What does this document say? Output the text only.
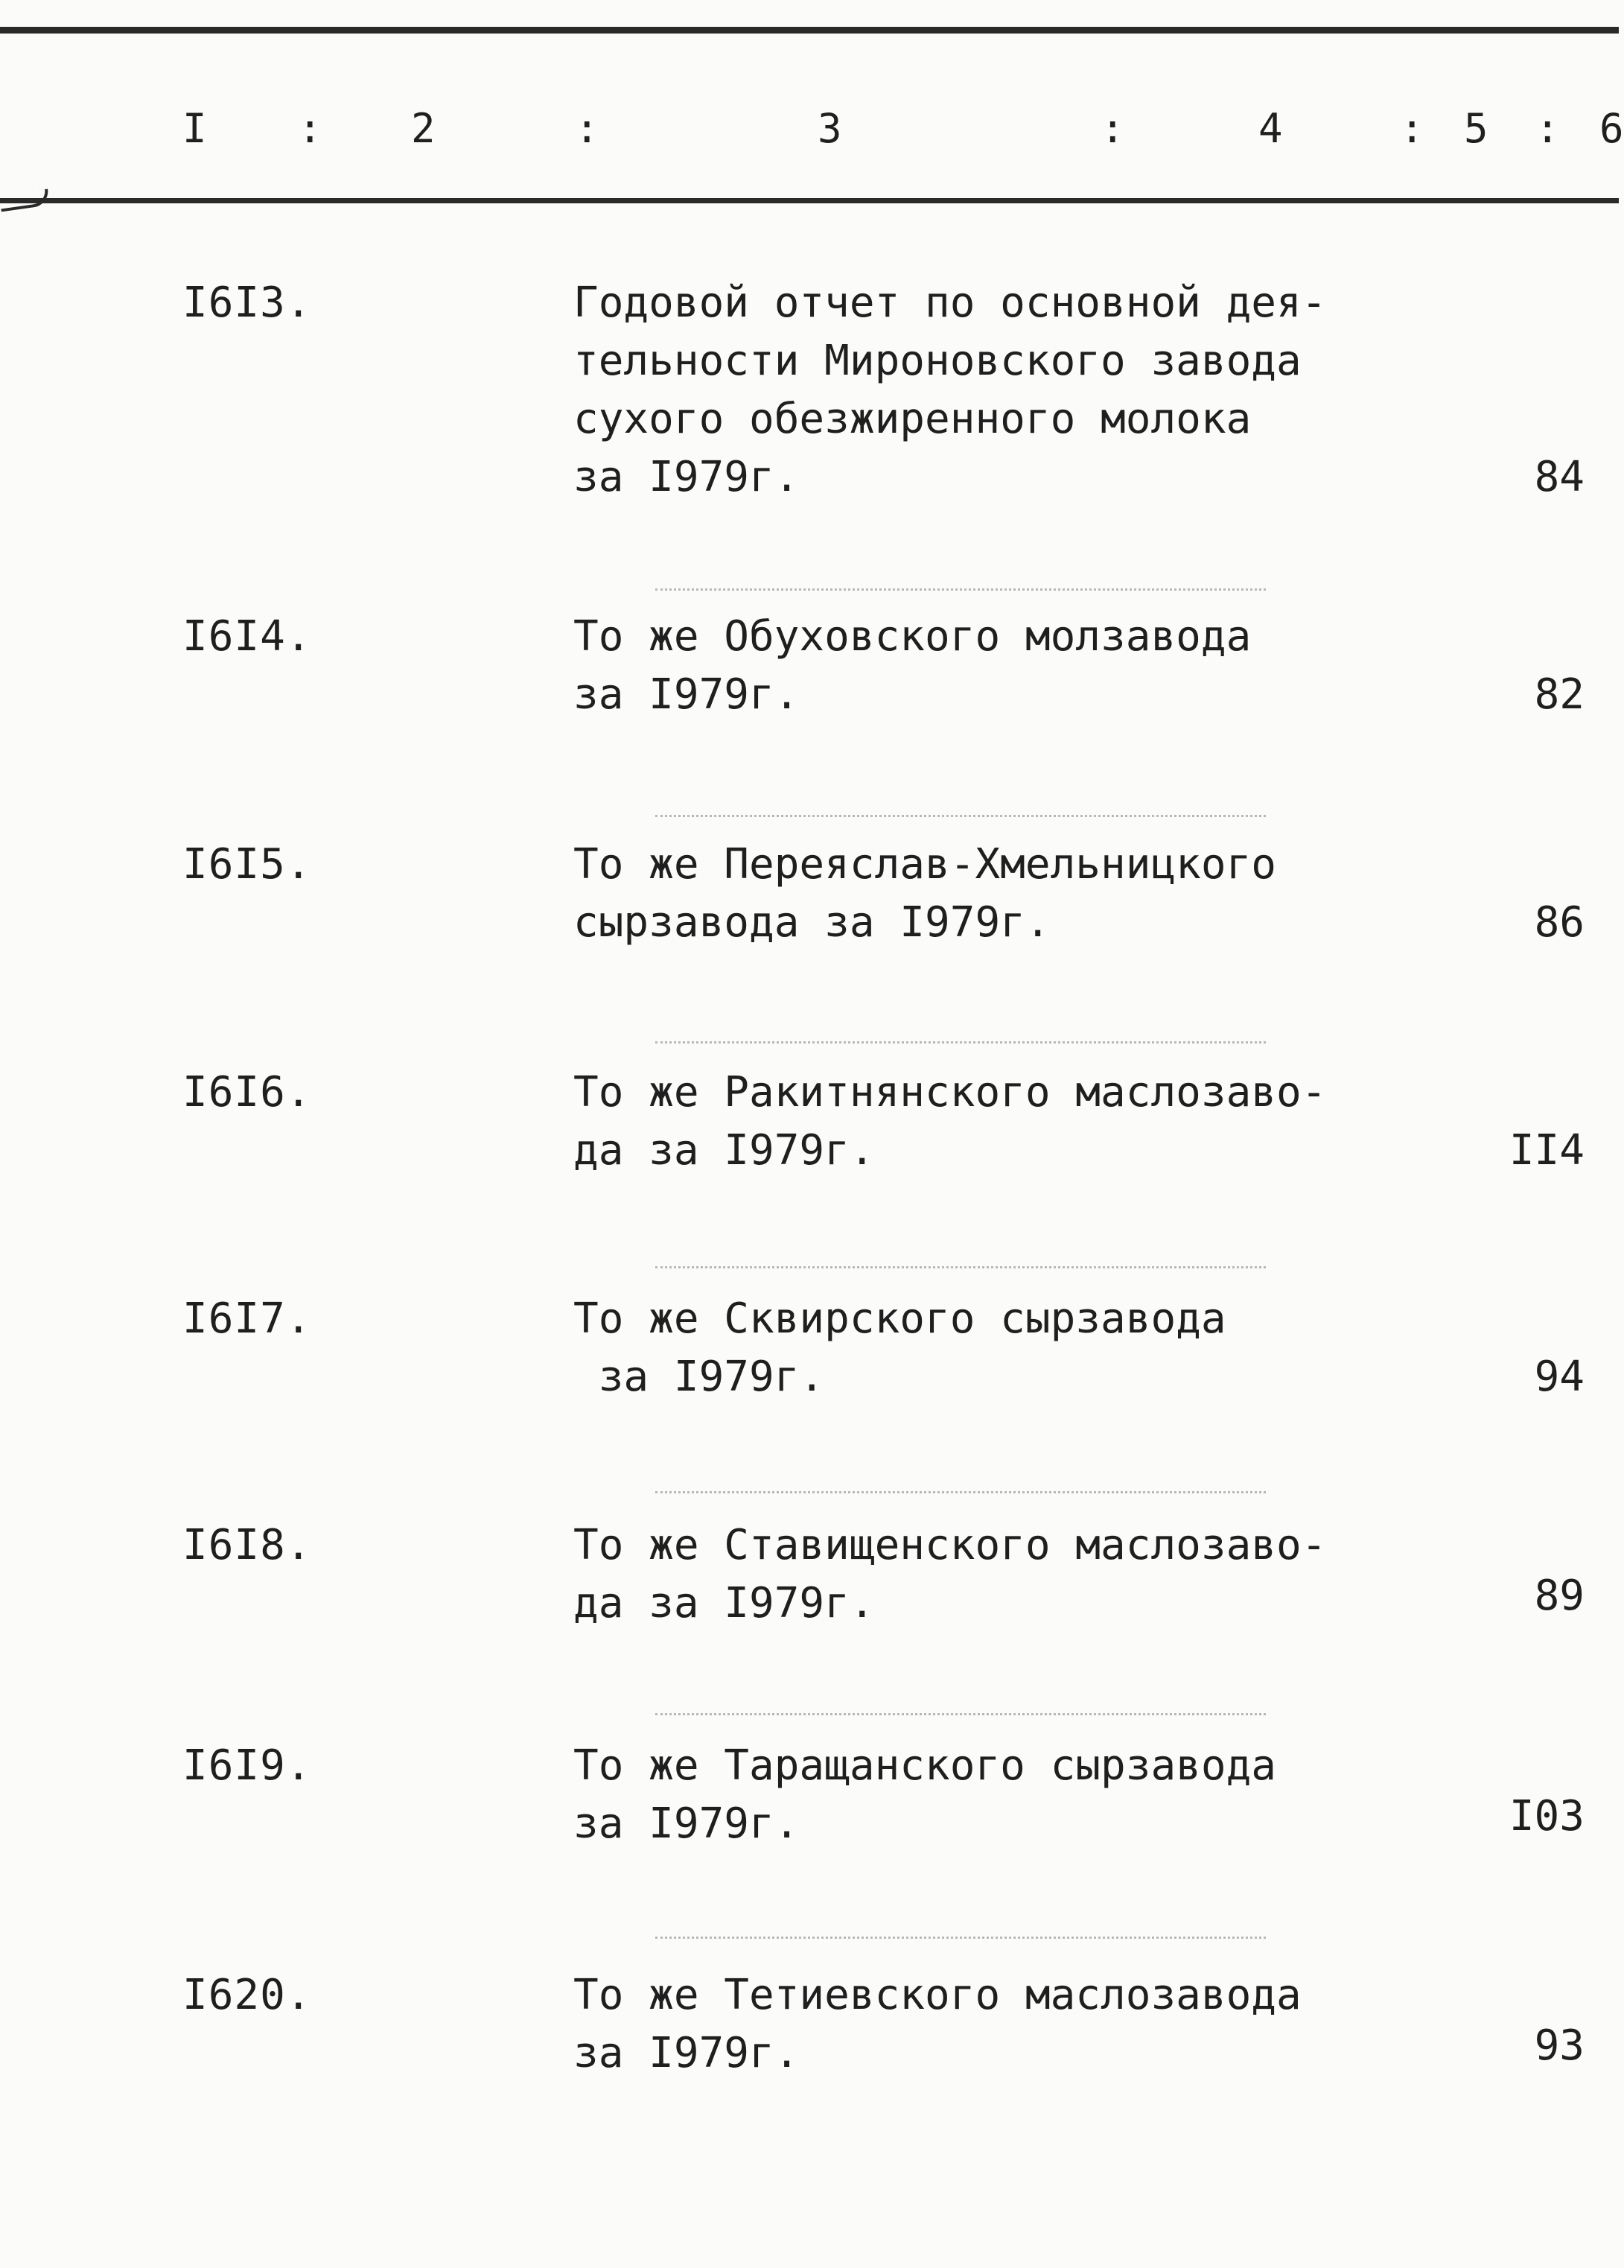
I : 2	:	3	:	4	: 5 : 6
I6I3.	Годовой отчет по основной дея-
тельности Мироновского завода
сухого обезжиренного молока
за I979г.	84
I6I4.	То же Обуховского молзавода
за I979г.	82
I6I5.	То же Переяслав-Хмельницкого
сырзавода за I979г.	86
I6I6.	То же Ракитнянского маслозаво-
да за I979г.	II4
I6I7.	То же Сквирского сырзавода
за I979г.	94
I6I8.	То же Ставищенского маслозаво-
да за I979г.	89
I6I9.	То же Таращанского сырзавода
за I979г.	I03
I620.	То же Тетиевского маслозавода
за I979г.	93
